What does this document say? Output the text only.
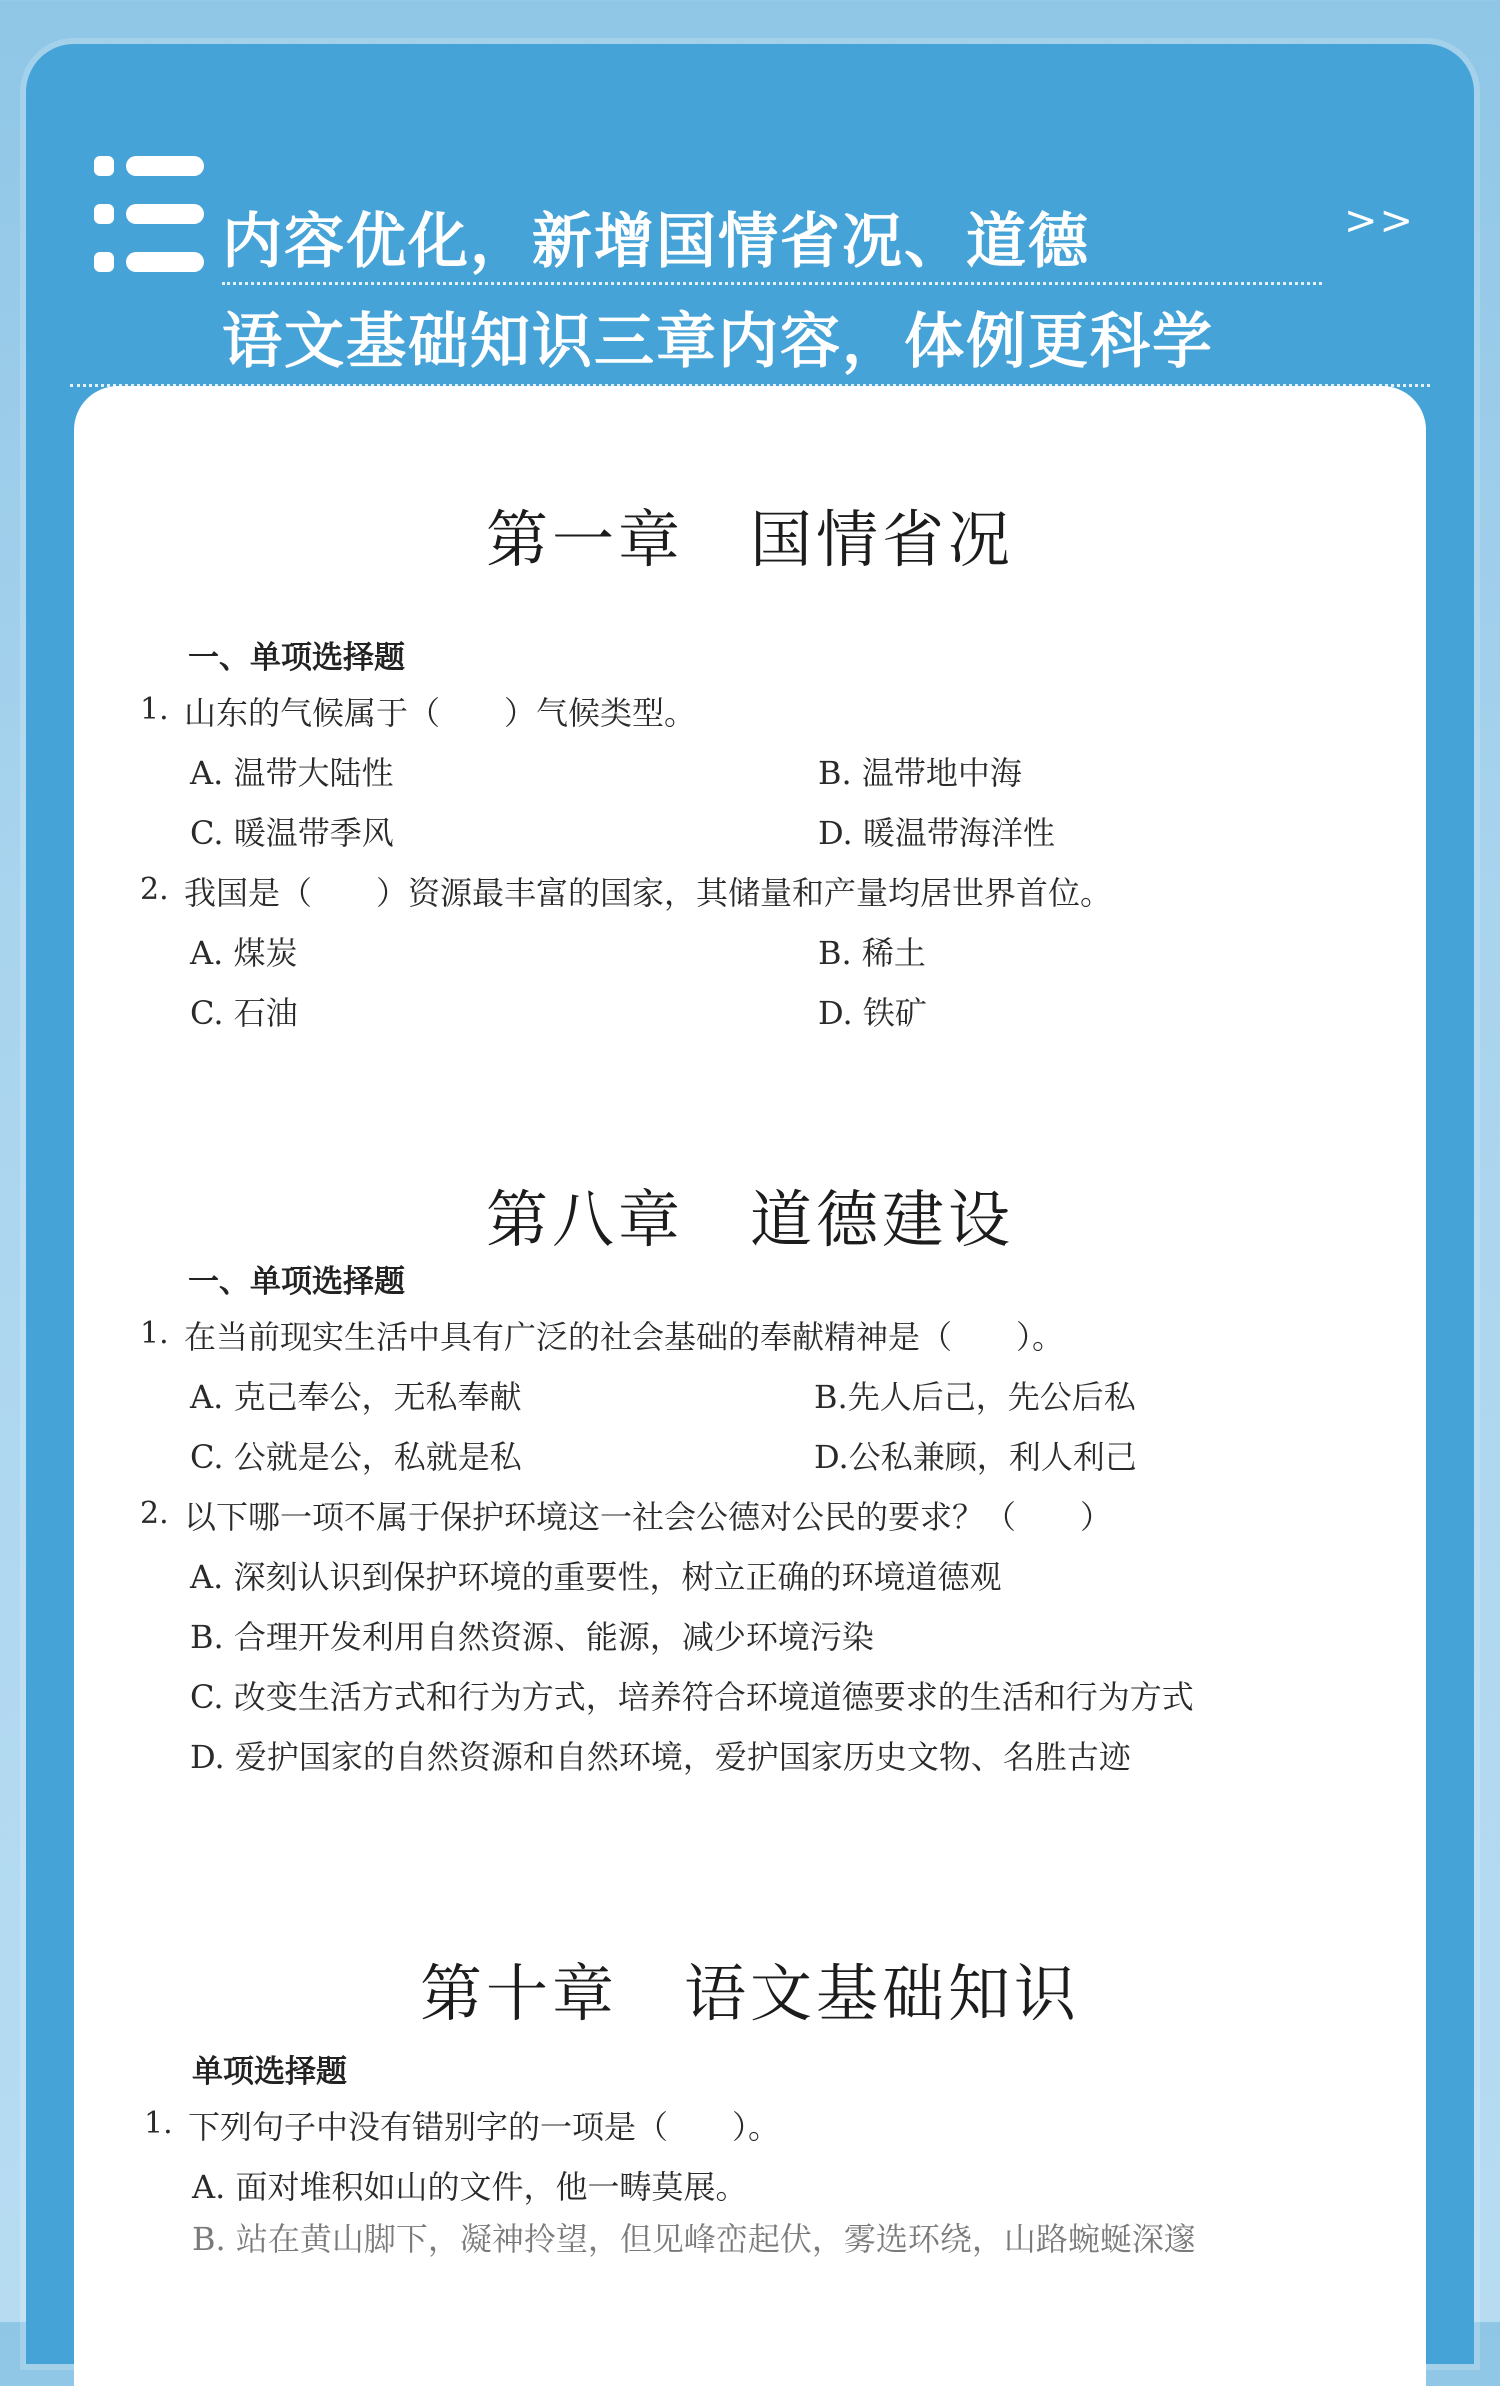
内容优化，新增国情省况、道德
语文基础知识三章内容，体例更科学
>>
第一章　国情省况
一、单项选择题
1. 山东的气候属于（　　）气候类型。
A. 温带大陆性	B. 温带地中海
C. 暖温带季风	D. 暖温带海洋性
2. 我国是（　　）资源最丰富的国家，其储量和产量均居世界首位。
A. 煤炭	B. 稀土
C. 石油	D. 铁矿
第八章　道德建设
一、单项选择题
1. 在当前现实生活中具有广泛的社会基础的奉献精神是（　　）。
A. 克己奉公，无私奉献	B.先人后己，先公后私
C. 公就是公，私就是私	D.公私兼顾，利人利己
2. 以下哪一项不属于保护环境这一社会公德对公民的要求？（　　）
A. 深刻认识到保护环境的重要性，树立正确的环境道德观
B. 合理开发利用自然资源、能源，减少环境污染
C. 改变生活方式和行为方式，培养符合环境道德要求的生活和行为方式
D. 爱护国家的自然资源和自然环境，爱护国家历史文物、名胜古迹
第十章　语文基础知识
单项选择题
1. 下列句子中没有错别字的一项是（　　）。
A. 面对堆积如山的文件，他一畴莫展。
B. 站在黄山脚下，凝神拎望，但见峰峦起伏，雾选环绕，山路蜿蜒深邃
